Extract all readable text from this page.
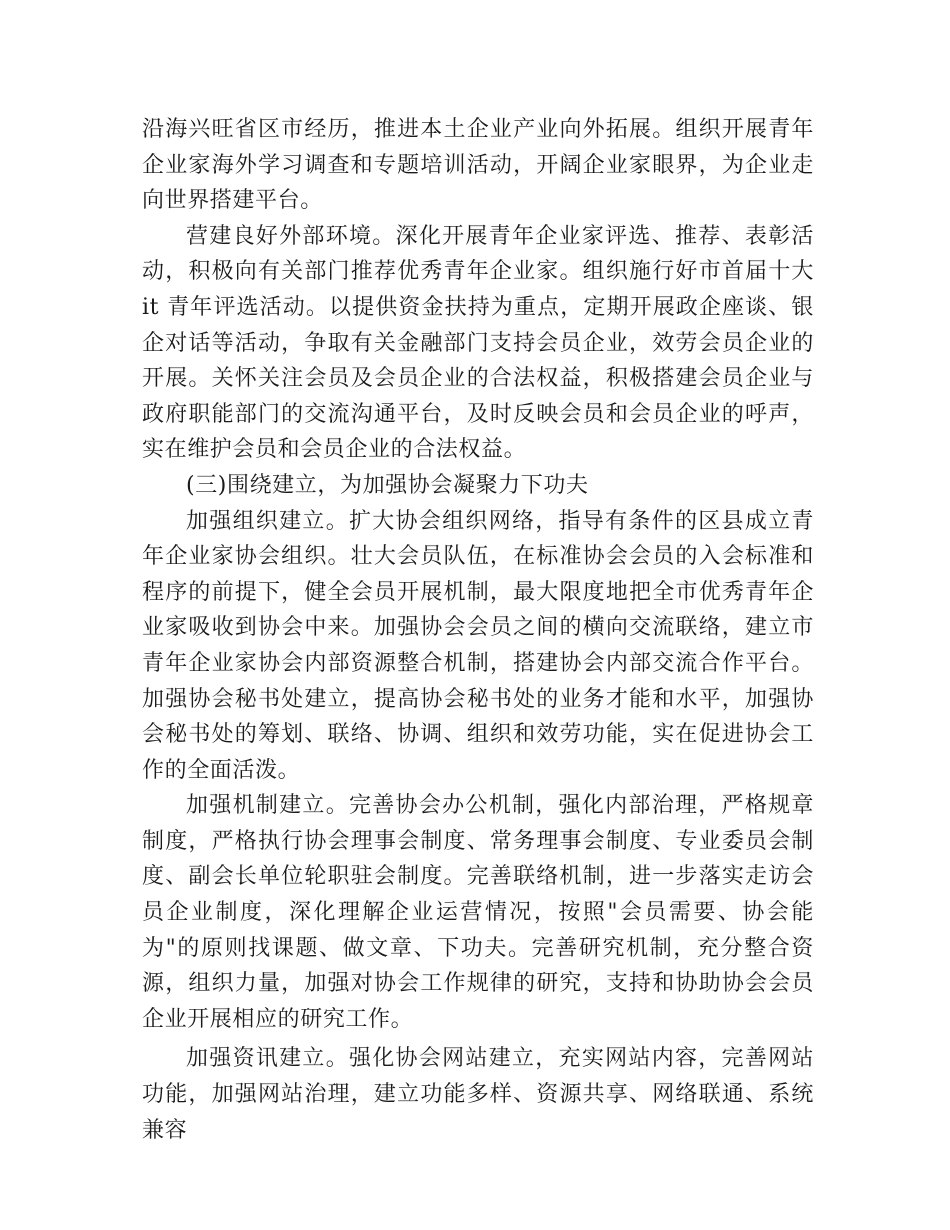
沿海兴旺省区市经历，推进本土企业产业向外拓展。组织开展青年企业家海外学习调查和专题培训活动，开阔企业家眼界，为企业走向世界搭建平台。

营建良好外部环境。深化开展青年企业家评选、推荐、表彰活动，积极向有关部门推荐优秀青年企业家。组织施行好市首届十大 it 青年评选活动。以提供资金扶持为重点，定期开展政企座谈、银企对话等活动，争取有关金融部门支持会员企业，效劳会员企业的开展。关怀关注会员及会员企业的合法权益，积极搭建会员企业与政府职能部门的交流沟通平台，及时反映会员和会员企业的呼声，实在维护会员和会员企业的合法权益。

(三)围绕建立，为加强协会凝聚力下功夫

加强组织建立。扩大协会组织网络，指导有条件的区县成立青年企业家协会组织。壮大会员队伍，在标准协会会员的入会标准和程序的前提下，健全会员开展机制，最大限度地把全市优秀青年企业家吸收到协会中来。加强协会会员之间的横向交流联络，建立市青年企业家协会内部资源整合机制，搭建协会内部交流合作平台。加强协会秘书处建立，提高协会秘书处的业务才能和水平，加强协会秘书处的筹划、联络、协调、组织和效劳功能，实在促进协会工作的全面活泼。

加强机制建立。完善协会办公机制，强化内部治理，严格规章制度，严格执行协会理事会制度、常务理事会制度、专业委员会制度、副会长单位轮职驻会制度。完善联络机制，进一步落实走访会员企业制度，深化理解企业运营情况，按照"会员需要、协会能为"的原则找课题、做文章、下功夫。完善研究机制，充分整合资源，组织力量，加强对协会工作规律的研究，支持和协助协会会员企业开展相应的研究工作。

加强资讯建立。强化协会网站建立，充实网站内容，完善网站功能，加强网站治理，建立功能多样、资源共享、网络联通、系统兼容
